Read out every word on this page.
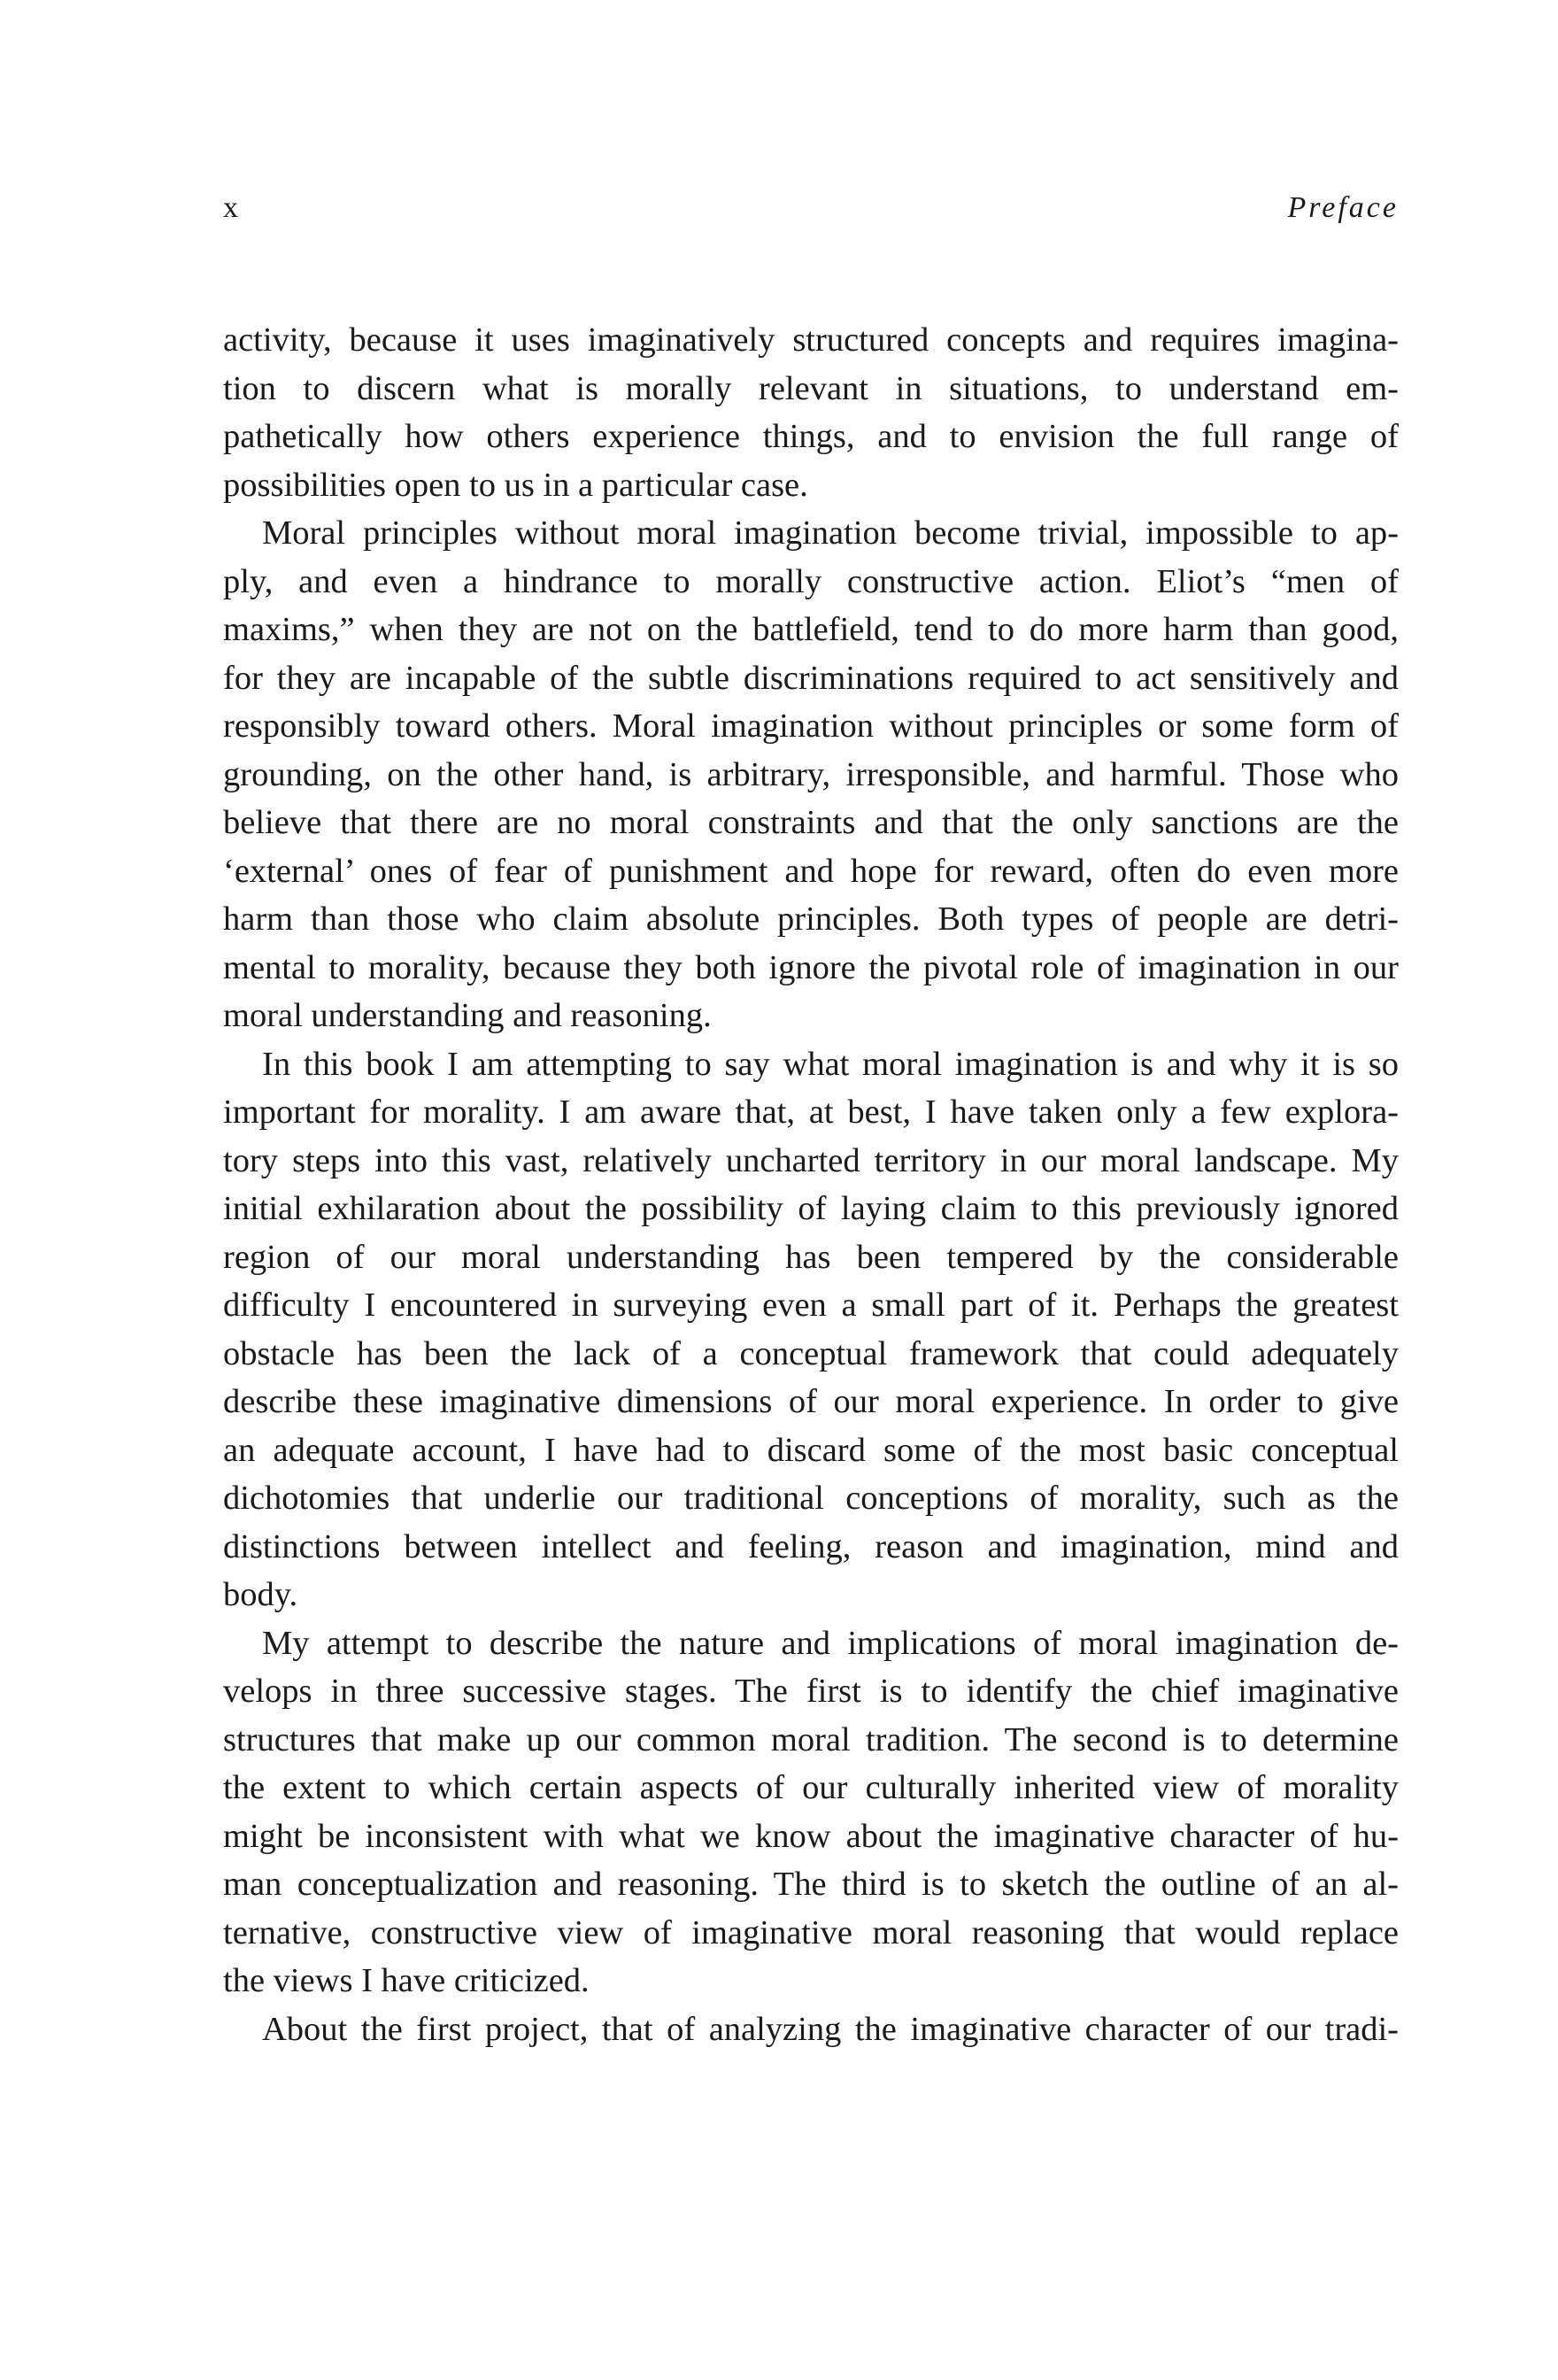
x	Preface
activity, because it uses imaginatively structured concepts and requires imagina-
tion to discern what is morally relevant in situations, to understand em-
pathetically how others experience things, and to envision the full range of
possibilities open to us in a particular case.
Moral principles without moral imagination become trivial, impossible to ap-
ply, and even a hindrance to morally constructive action. Eliot’s “men of
maxims,” when they are not on the battlefield, tend to do more harm than good,
for they are incapable of the subtle discriminations required to act sensitively and
responsibly toward others. Moral imagination without principles or some form of
grounding, on the other hand, is arbitrary, irresponsible, and harmful. Those who
believe that there are no moral constraints and that the only sanctions are the
‘external’ ones of fear of punishment and hope for reward, often do even more
harm than those who claim absolute principles. Both types of people are detri-
mental to morality, because they both ignore the pivotal role of imagination in our
moral understanding and reasoning.
In this book I am attempting to say what moral imagination is and why it is so
important for morality. I am aware that, at best, I have taken only a few explora-
tory steps into this vast, relatively uncharted territory in our moral landscape. My
initial exhilaration about the possibility of laying claim to this previously ignored
region of our moral understanding has been tempered by the considerable
difficulty I encountered in surveying even a small part of it. Perhaps the greatest
obstacle has been the lack of a conceptual framework that could adequately
describe these imaginative dimensions of our moral experience. In order to give
an adequate account, I have had to discard some of the most basic conceptual
dichotomies that underlie our traditional conceptions of morality, such as the
distinctions between intellect and feeling, reason and imagination, mind and
body.
My attempt to describe the nature and implications of moral imagination de-
velops in three successive stages. The first is to identify the chief imaginative
structures that make up our common moral tradition. The second is to determine
the extent to which certain aspects of our culturally inherited view of morality
might be inconsistent with what we know about the imaginative character of hu-
man conceptualization and reasoning. The third is to sketch the outline of an al-
ternative, constructive view of imaginative moral reasoning that would replace
the views I have criticized.
About the first project, that of analyzing the imaginative character of our tradi-
